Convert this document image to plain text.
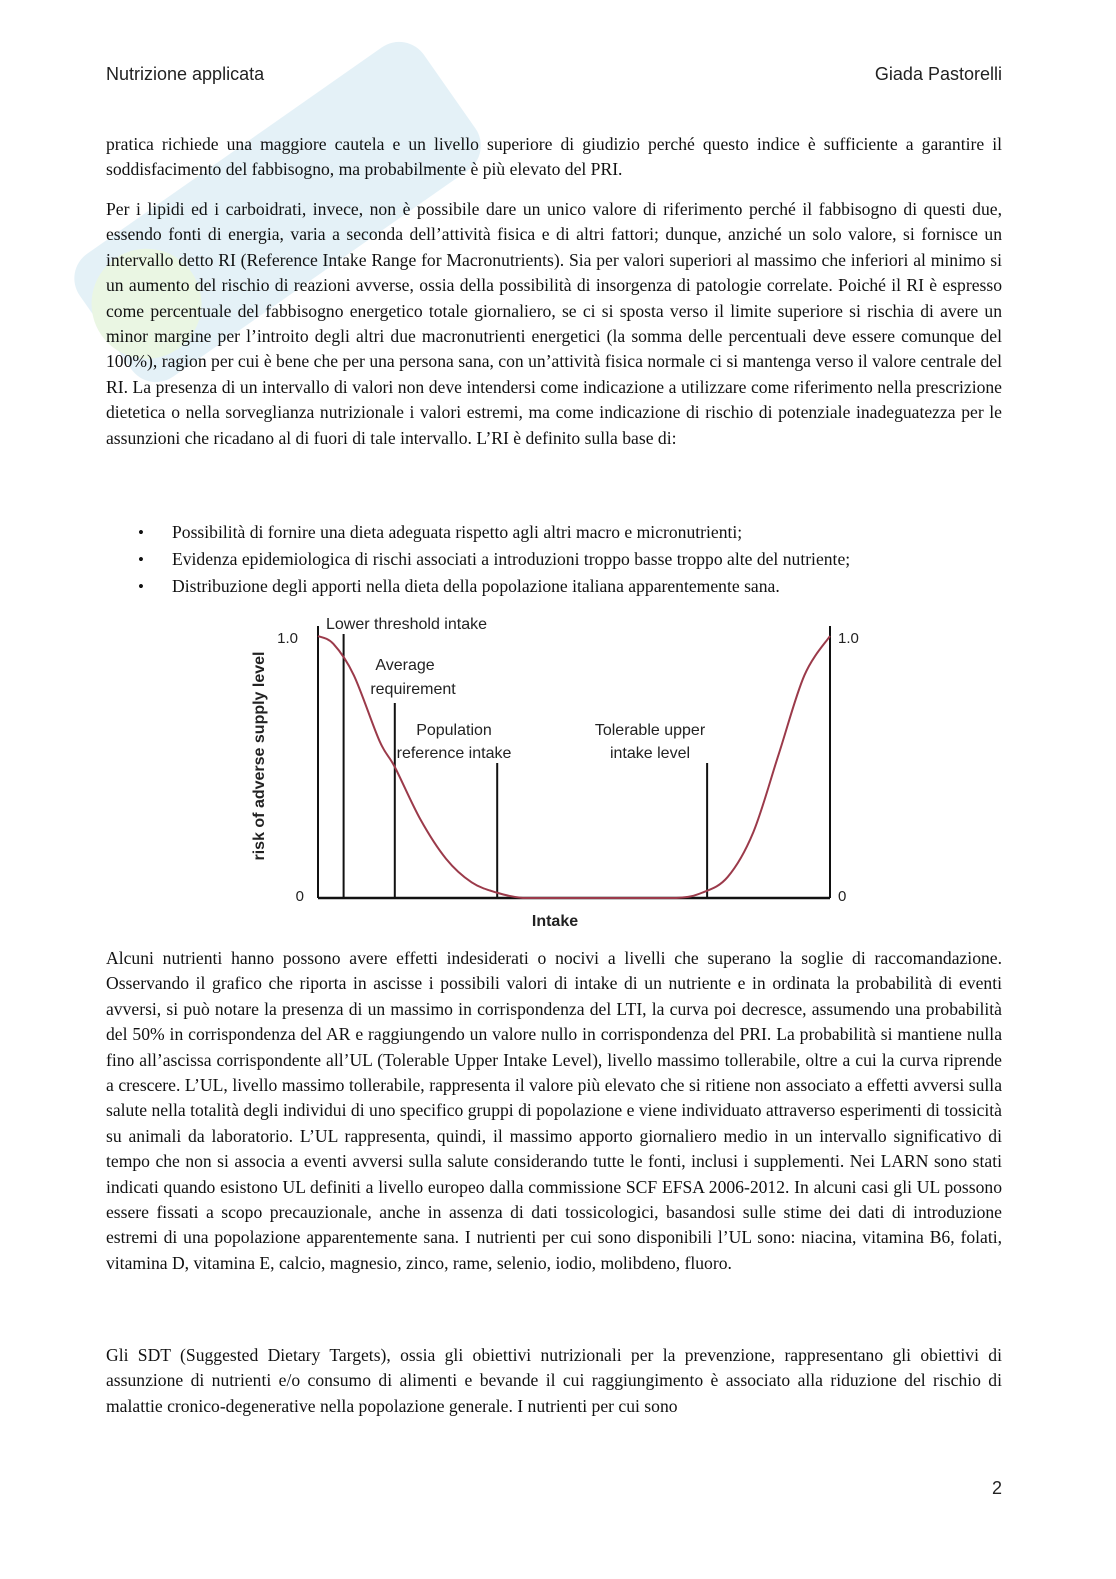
Nutrizione applicata	Giada Pastorelli

pratica richiede una maggiore cautela e un livello superiore di giudizio perché questo indice è sufficiente a garantire il soddisfacimento del fabbisogno, ma probabilmente è più elevato del PRI.

Per i lipidi ed i carboidrati, invece, non è possibile dare un unico valore di riferimento perché il fabbisogno di questi due, essendo fonti di energia, varia a seconda dell’attività fisica e di altri fattori; dunque, anziché un solo valore, si fornisce un intervallo detto RI (Reference Intake Range for Macronutrients). Sia per valori superiori al massimo che inferiori al minimo si un aumento del rischio di reazioni avverse, ossia della possibilità di insorgenza di patologie correlate. Poiché il RI è espresso come percentuale del fabbisogno energetico totale giornaliero, se ci si sposta verso il limite superiore si rischia di avere un minor margine per l’introito degli altri due macronutrienti energetici (la somma delle percentuali deve essere comunque del 100%), ragion per cui è bene che per una persona sana, con un’attività fisica normale ci si mantenga verso il valore centrale del RI. La presenza di un intervallo di valori non deve intendersi come indicazione a utilizzare come riferimento nella prescrizione dietetica o nella sorveglianza nutrizionale i valori estremi, ma come indicazione di rischio di potenziale inadeguatezza per le assunzioni che ricadano al di fuori di tale intervallo. L’RI è definito sulla base di:

• Possibilità di fornire una dieta adeguata rispetto agli altri macro e micronutrienti;
• Evidenza epidemiologica di rischi associati a introduzioni troppo basse troppo alte del nutriente;
• Distribuzione degli apporti nella dieta della popolazione italiana apparentemente sana.
risk of adverse supply level
1.0
0
1.0
0
Lower threshold intake
Average
requirement
Population
reference intake
Tolerable upper
intake level
Intake

Alcuni nutrienti hanno possono avere effetti indesiderati o nocivi a livelli che superano la soglie di raccomandazione. Osservando il grafico che riporta in ascisse i possibili valori di intake di un nutriente e in ordinata la probabilità di eventi avversi, si può notare la presenza di un massimo in corrispondenza del LTI, la curva poi decresce, assumendo una probabilità del 50% in corrispondenza del AR e raggiungendo un valore nullo in corrispondenza del PRI. La probabilità si mantiene nulla fino all’ascissa corrispondente all’UL (Tolerable Upper Intake Level), livello massimo tollerabile, oltre a cui la curva riprende a crescere. L’UL, livello massimo tollerabile, rappresenta il valore più elevato che si ritiene non associato a effetti avversi sulla salute nella totalità degli individui di uno specifico gruppi di popolazione e viene individuato attraverso esperimenti di tossicità su animali da laboratorio. L’UL rappresenta, quindi, il massimo apporto giornaliero medio in un intervallo significativo di tempo che non si associa a eventi avversi sulla salute considerando tutte le fonti, inclusi i supplementi. Nei LARN sono stati indicati quando esistono UL definiti a livello europeo dalla commissione SCF EFSA 2006-2012. In alcuni casi gli UL possono essere fissati a scopo precauzionale, anche in assenza di dati tossicologici, basandosi sulle stime dei dati di introduzione estremi di una popolazione apparentemente sana. I nutrienti per cui sono disponibili l’UL sono: niacina, vitamina B6, folati, vitamina D, vitamina E, calcio, magnesio, zinco, rame, selenio, iodio, molibdeno, fluoro.

Gli SDT (Suggested Dietary Targets), ossia gli obiettivi nutrizionali per la prevenzione, rappresentano gli obiettivi di assunzione di nutrienti e/o consumo di alimenti e bevande il cui raggiungimento è associato alla riduzione del rischio di malattie cronico-degenerative nella popolazione generale. I nutrienti per cui sono

2
